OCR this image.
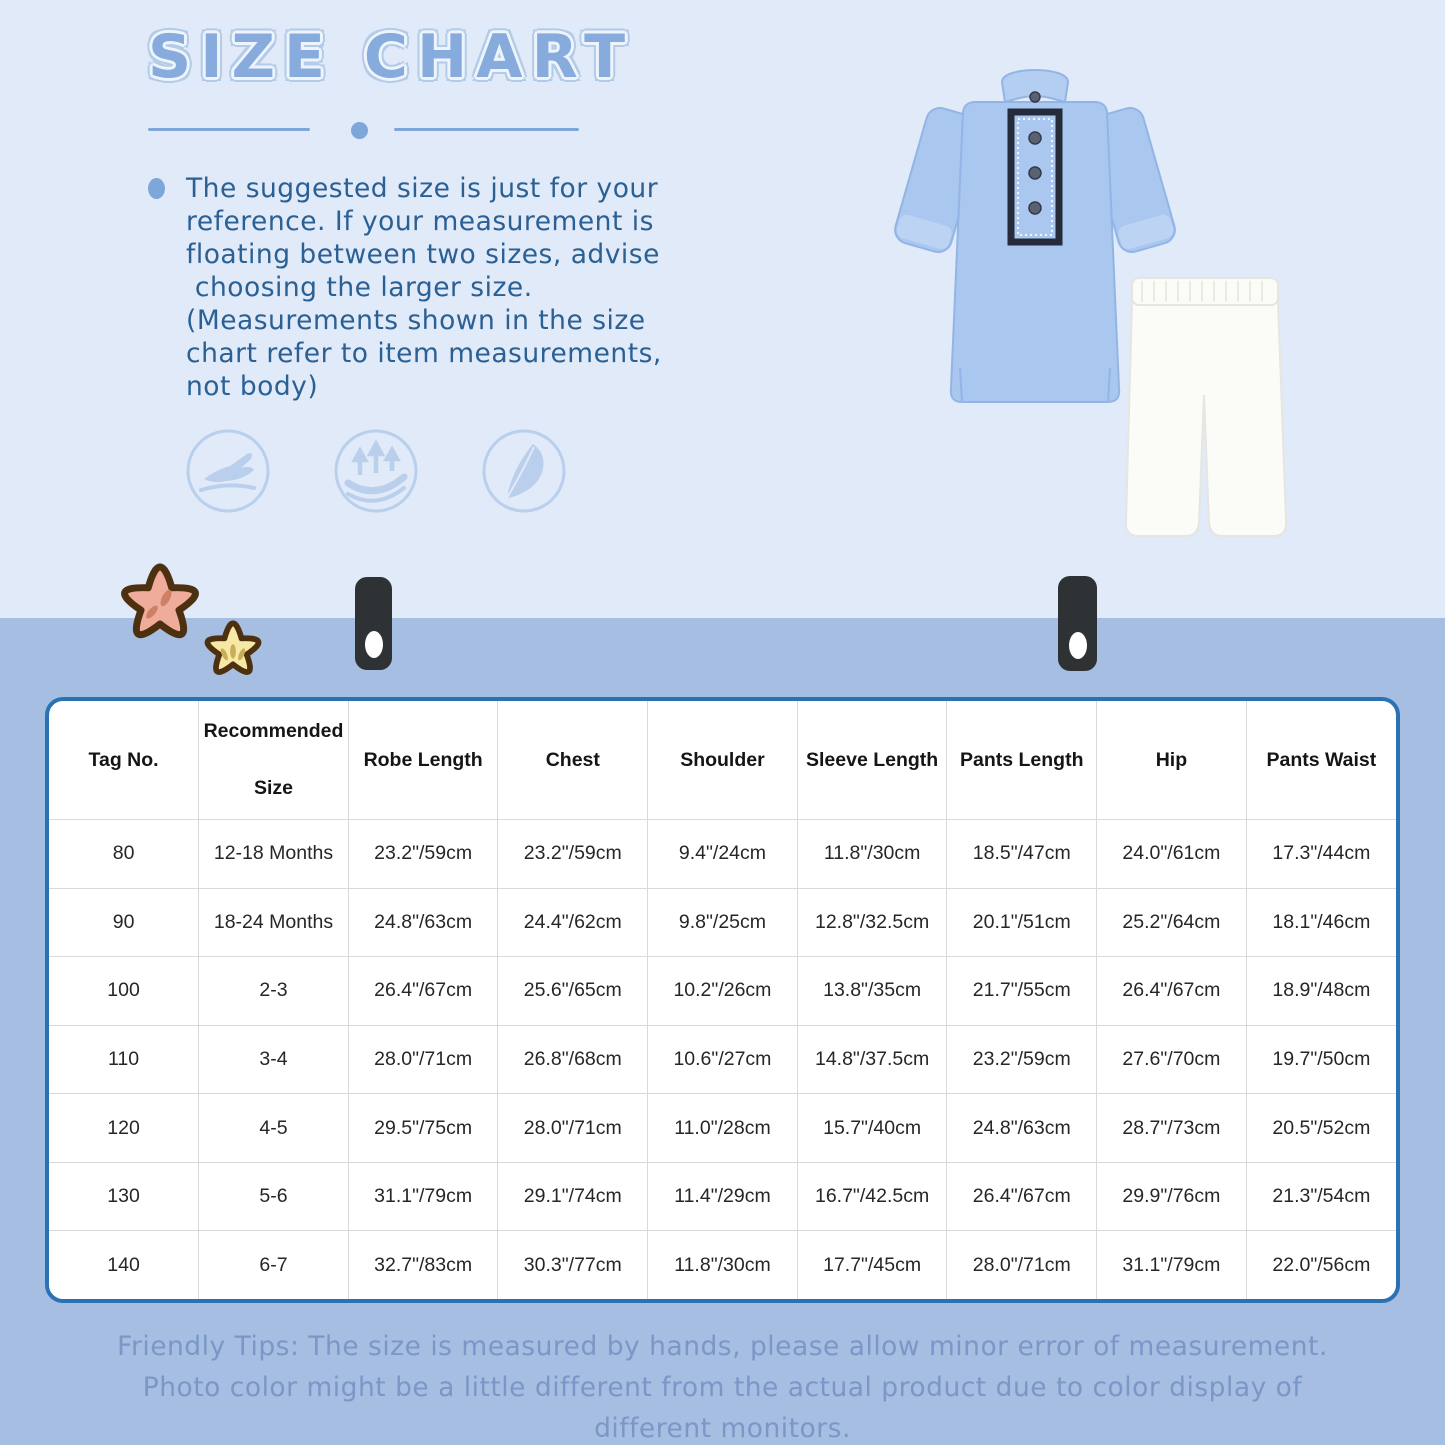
SIZE CHART
The suggested size is just for your
reference. If your measurement is
floating between two sizes, advise
choosing the larger size.
(Measurements shown in the size
chart refer to item measurements,
not body)
Tag No.	Recommended Size	Robe Length	Chest	Shoulder	Sleeve Length	Pants Length	Hip	Pants Waist
80	12-18 Months	23.2"/59cm	23.2"/59cm	9.4"/24cm	11.8"/30cm	18.5"/47cm	24.0"/61cm	17.3"/44cm
90	18-24 Months	24.8"/63cm	24.4"/62cm	9.8"/25cm	12.8"/32.5cm	20.1"/51cm	25.2"/64cm	18.1"/46cm
100	2-3	26.4"/67cm	25.6"/65cm	10.2"/26cm	13.8"/35cm	21.7"/55cm	26.4"/67cm	18.9"/48cm
110	3-4	28.0"/71cm	26.8"/68cm	10.6"/27cm	14.8"/37.5cm	23.2"/59cm	27.6"/70cm	19.7"/50cm
120	4-5	29.5"/75cm	28.0"/71cm	11.0"/28cm	15.7"/40cm	24.8"/63cm	28.7"/73cm	20.5"/52cm
130	5-6	31.1"/79cm	29.1"/74cm	11.4"/29cm	16.7"/42.5cm	26.4"/67cm	29.9"/76cm	21.3"/54cm
140	6-7	32.7"/83cm	30.3"/77cm	11.8"/30cm	17.7"/45cm	28.0"/71cm	31.1"/79cm	22.0"/56cm
Friendly Tips: The size is measured by hands, please allow minor error of measurement.
Photo color might be a little different from the actual product due to color display of
different monitors.
